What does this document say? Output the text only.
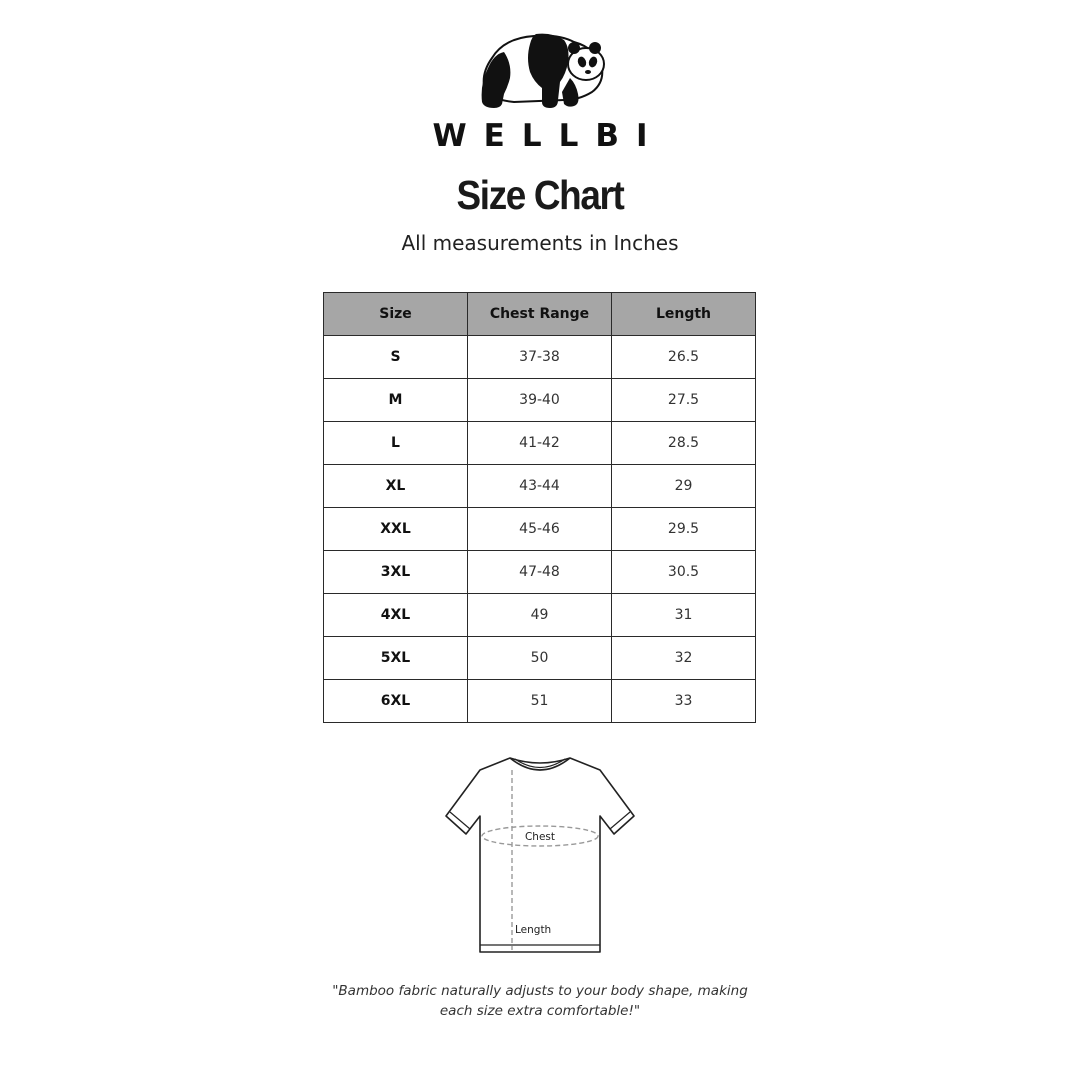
WELLBI
Size Chart
All measurements in Inches
Size	Chest Range	Length
S	37-38	26.5
M	39-40	27.5
L	41-42	28.5
XL	43-44	29
XXL	45-46	29.5
3XL	47-48	30.5
4XL	49	31
5XL	50	32
6XL	51	33
Chest
Length
"Bamboo fabric naturally adjusts to your body shape, making
each size extra comfortable!"
